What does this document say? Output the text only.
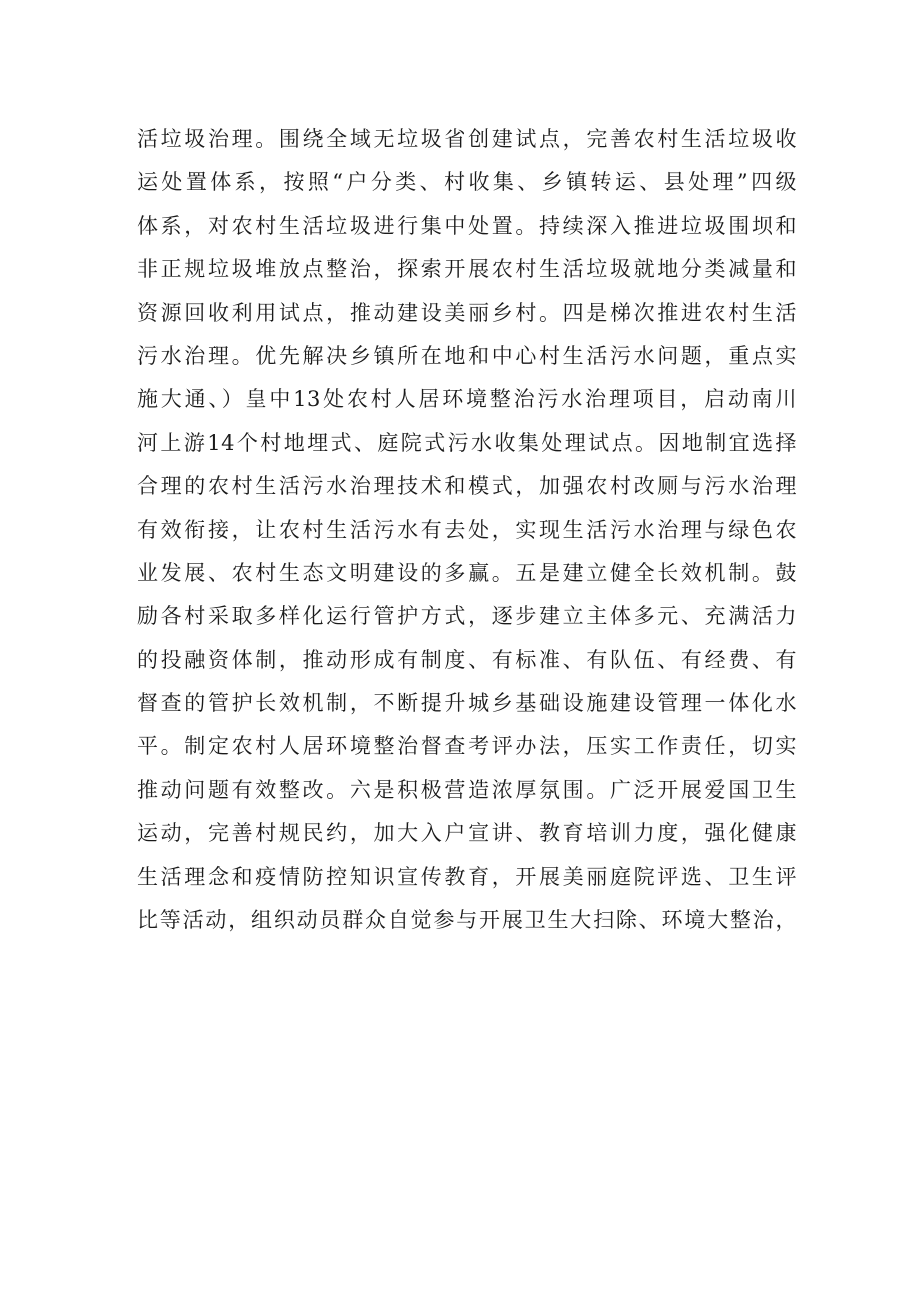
活垃圾治理。围绕全域无垃圾省创建试点，完善农村生活垃圾收
运处置体系，按照“户分类、村收集、乡镇转运、县处理”四级
体系，对农村生活垃圾进行集中处置。持续深入推进垃圾围坝和
非正规垃圾堆放点整治，探索开展农村生活垃圾就地分类减量和
资源回收利用试点，推动建设美丽乡村。四是梯次推进农村生活
污水治理。优先解决乡镇所在地和中心村生活污水问题，重点实
施大通、）皇中13处农村人居环境整治污水治理项目，启动南川
河上游14个村地埋式、庭院式污水收集处理试点。因地制宜选择
合理的农村生活污水治理技术和模式，加强农村改厕与污水治理
有效衔接，让农村生活污水有去处，实现生活污水治理与绿色农
业发展、农村生态文明建设的多赢。五是建立健全长效机制。鼓
励各村采取多样化运行管护方式，逐步建立主体多元、充满活力
的投融资体制，推动形成有制度、有标准、有队伍、有经费、有
督查的管护长效机制，不断提升城乡基础设施建设管理一体化水
平。制定农村人居环境整治督查考评办法，压实工作责任，切实
推动问题有效整改。六是积极营造浓厚氛围。广泛开展爱国卫生
运动，完善村规民约，加大入户宣讲、教育培训力度，强化健康
生活理念和疫情防控知识宣传教育，开展美丽庭院评选、卫生评
比等活动，组织动员群众自觉参与开展卫生大扫除、环境大整治，
